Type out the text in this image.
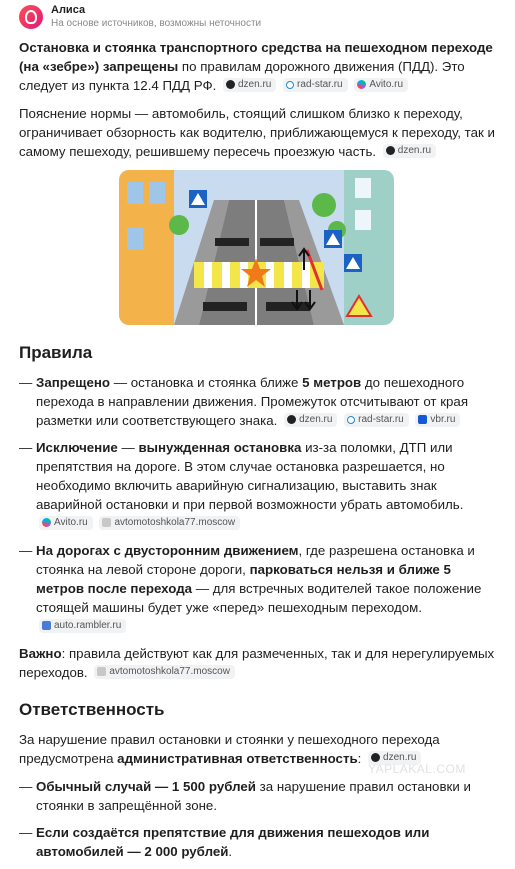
Алиса
На основе источников, возможны неточности

Остановка и стоянка транспортного средства на пешеходном переходе (на «зебре») запрещены по правилам дорожного движения (ПДД). Это следует из пункта 12.4 ПДД РФ. dzen.ru
	rad-star.ru
	Avito.ru

Пояснение нормы — автомобиль, стоящий слишком близко к переходу, ограничивает обзорность как водителю, приближающемуся к переходу, так и самому пешеходу, решившему пересечь проезжую часть. dzen.ru

Правила
— Запрещено — остановка и стоянка ближе 5 метров до пешеходного перехода в направлении движения. Промежуток отсчитывают от края разметки или соответствующего знака. dzen.ru
	rad-star.ru
	vbr.ru
— Исключение — вынужденная остановка из-за поломки, ДТП или препятствия на дороге. В этом случае остановка разрешается, но необходимо включить аварийную сигнализацию, выставить знак аварийной остановки и при первой возможности убрать автомобиль.
Avito.ru
	avtomotoshkola77.moscow
— На дорогах с двусторонним движением, где разрешена остановка и стоянка на левой стороне дороги, парковаться нельзя и ближе 5 метров после перехода — для встречных водителей такое положение стоящей машины будет уже «перед» пешеходным переходом.
auto.rambler.ru

Важно: правила действуют как для размеченных, так и для нерегулируемых переходов. avtomotoshkola77.moscow

Ответственность

За нарушение правил остановки и стоянки у пешеходного перехода предусмотрена административная ответственность: dzen.ru

— Обычный случай — 1 500 рублей за нарушение правил остановки и стоянки в запрещённой зоне.
— Если создаётся препятствие для движения пешеходов или автомобилей — 2 000 рублей.
YAPLAKAL.COM
